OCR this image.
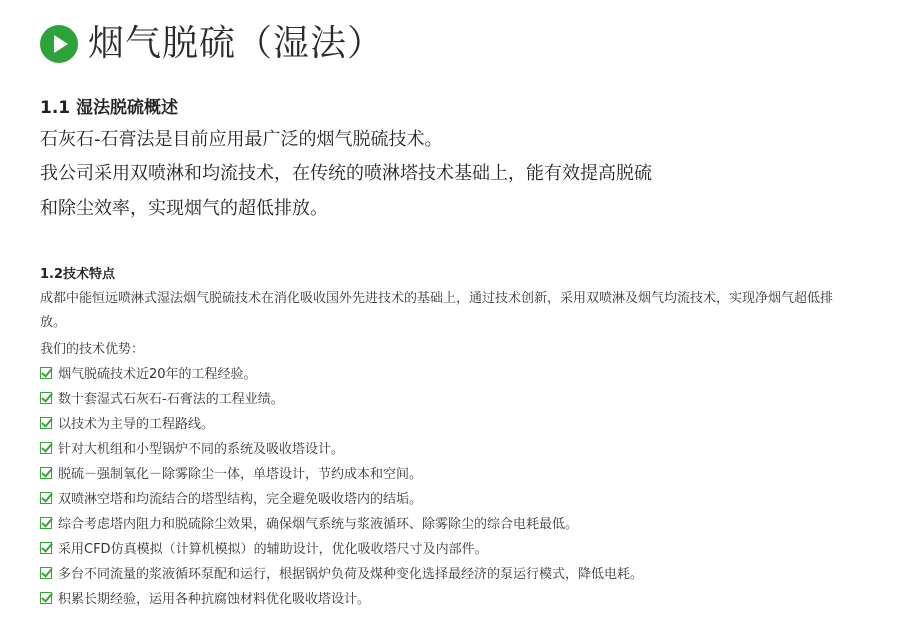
烟气脱硫（湿法）
1.1 湿法脱硫概述
石灰石-石膏法是目前应用最广泛的烟气脱硫技术。
我公司采用双喷淋和均流技术，在传统的喷淋塔技术基础上，能有效提高脱硫
和除尘效率，实现烟气的超低排放。
1.2技术特点
成都中能恒远喷淋式湿法烟气脱硫技术在消化吸收国外先进技术的基础上，通过技术创新，采用双喷淋及烟气均流技术，实现净烟气超低排放。
我们的技术优势：
烟气脱硫技术近20年的工程经验。
数十套湿式石灰石-石膏法的工程业绩。
以技术为主导的工程路线。
针对大机组和小型锅炉不同的系统及吸收塔设计。
脱硫－强制氧化－除雾除尘一体，单塔设计，节约成本和空间。
双喷淋空塔和均流结合的塔型结构，完全避免吸收塔内的结垢。
综合考虑塔内阻力和脱硫除尘效果，确保烟气系统与浆液循环、除雾除尘的综合电耗最低。
采用CFD仿真模拟（计算机模拟）的辅助设计，优化吸收塔尺寸及内部件。
多台不同流量的浆液循环泵配和运行，根据锅炉负荷及煤种变化选择最经济的泵运行模式，降低电耗。
积累长期经验，运用各种抗腐蚀材料优化吸收塔设计。
